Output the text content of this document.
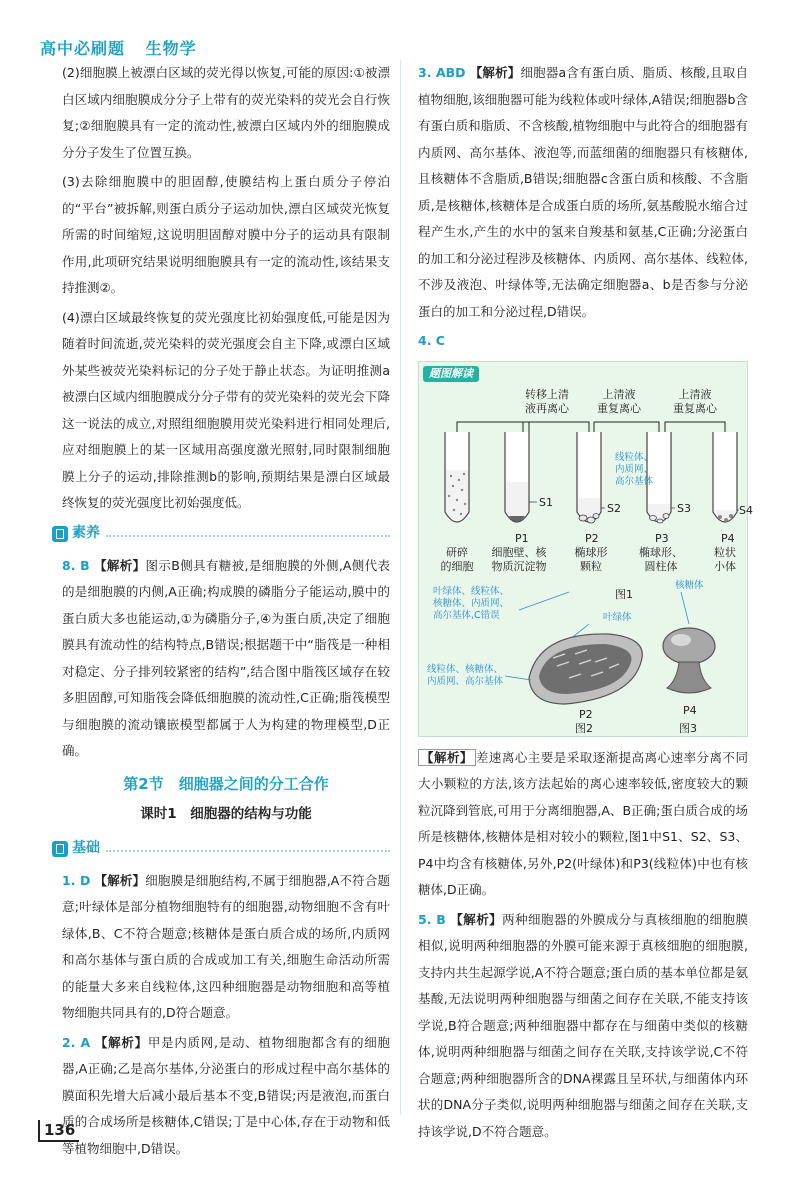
高中必刷题 生物学

(2)细胞膜上被漂白区域的荧光得以恢复,可能的原因:①被漂白区域内细胞膜成分分子上带有的荧光染料的荧光会自行恢复;②细胞膜具有一定的流动性,被漂白区域内外的细胞膜成分分子发生了位置互换。

(3)去除细胞膜中的胆固醇,使膜结构上蛋白质分子停泊的“平台”被拆解,则蛋白质分子运动加快,漂白区域荧光恢复所需的时间缩短,这说明胆固醇对膜中分子的运动具有限制作用,此项研究结果说明细胞膜具有一定的流动性,该结果支持推测②。

(4)漂白区域最终恢复的荧光强度比初始强度低,可能是因为随着时间流逝,荧光染料的荧光强度会自主下降,或漂白区域外某些被荧光染料标记的分子处于静止状态。为证明推测a被漂白区域内细胞膜成分分子带有的荧光染料的荧光会下降这一说法的成立,对照组细胞膜用荧光染料进行相同处理后,应对细胞膜上的某一区域用高强度激光照射,同时限制细胞膜上分子的运动,排除推测b的影响,预期结果是漂白区域最终恢复的荧光强度比初始强度低。

素养

8. B 【解析】图示B侧具有糖被,是细胞膜的外侧,A侧代表的是细胞膜的内侧,A正确;构成膜的磷脂分子能运动,膜中的蛋白质大多也能运动,①为磷脂分子,④为蛋白质,决定了细胞膜具有流动性的结构特点,B错误;根据题干中“脂筏是一种相对稳定、分子排列较紧密的结构”,结合图中脂筏区域存在较多胆固醇,可知脂筏会降低细胞膜的流动性,C正确;脂筏模型与细胞膜的流动镶嵌模型都属于人为构建的物理模型,D正确。

第2节　细胞器之间的分工合作
课时1　细胞器的结构与功能
基础

1. D 【解析】细胞膜是细胞结构,不属于细胞器,A不符合题意;叶绿体是部分植物细胞特有的细胞器,动物细胞不含有叶绿体,B、C不符合题意;核糖体是蛋白质合成的场所,内质网和高尔基体与蛋白质的合成或加工有关,细胞生命活动所需的能量大多来自线粒体,这四种细胞器是动物细胞和高等植物细胞共同具有的,D符合题意。

2. A 【解析】甲是内质网,是动、植物细胞都含有的细胞器,A正确;乙是高尔基体,分泌蛋白的形成过程中高尔基体的膜面积先增大后减小最后基本不变,B错误;丙是液泡,而蛋白质的合成场所是核糖体,C错误;丁是中心体,存在于动物和低等植物细胞中,D错误。

3. ABD 【解析】细胞器a含有蛋白质、脂质、核酸,且取自植物细胞,该细胞器可能为线粒体或叶绿体,A错误;细胞器b含有蛋白质和脂质、不含核酸,植物细胞中与此符合的细胞器有内质网、高尔基体、液泡等,而蓝细菌的细胞器只有核糖体,且核糖体不含脂质,B错误;细胞器c含蛋白质和核酸、不含脂质,是核糖体,核糖体是合成蛋白质的场所,氨基酸脱水缩合过程产生水,产生的水中的氢来自羧基和氨基,C正确;分泌蛋白的加工和分泌过程涉及核糖体、内质网、高尔基体、线粒体,不涉及液泡、叶绿体等,无法确定细胞器a、b是否参与分泌蛋白的加工和分泌过程,D错误。

4. C

转移上清
液再离心
上清液
重复离心
上清液
重复离心
S1	S2	S3	S4
P1	P2	P3	P4
线粒体、内质网、高尔基体
研碎
的细胞
细胞壁、核
物质沉淀物
椭球形
颗粒
椭球形、
圆柱体
粒状
小体
图1
叶绿体、线粒体、核糖体、内质网、高尔基体,C错误	叶绿体
核糖体
线粒体、核糖体、内质网、高尔基体
P2
图2
P4
图3
题图解读

【解析】 差速离心主要是采取逐渐提高离心速率分离不同大小颗粒的方法,该方法起始的离心速率较低,密度较大的颗粒沉降到管底,可用于分离细胞器,A、B正确;蛋白质合成的场所是核糖体,核糖体是相对较小的颗粒,图1中S1、S2、S3、P4中均含有核糖体,另外,P2(叶绿体)和P3(线粒体)中也有核糖体,D正确。

5. B 【解析】两种细胞器的外膜成分与真核细胞的细胞膜相似,说明两种细胞器的外膜可能来源于真核细胞的细胞膜,支持内共生起源学说,A不符合题意;蛋白质的基本单位都是氨基酸,无法说明两种细胞器与细菌之间存在关联,不能支持该学说,B符合题意;两种细胞器中都存在与细菌中类似的核糖体,说明两种细胞器与细菌之间存在关联,支持该学说,C不符合题意;两种细胞器所含的DNA裸露且呈环状,与细菌体内环状的DNA分子类似,说明两种细胞器与细菌之间存在关联,支持该学说,D不符合题意。

136
